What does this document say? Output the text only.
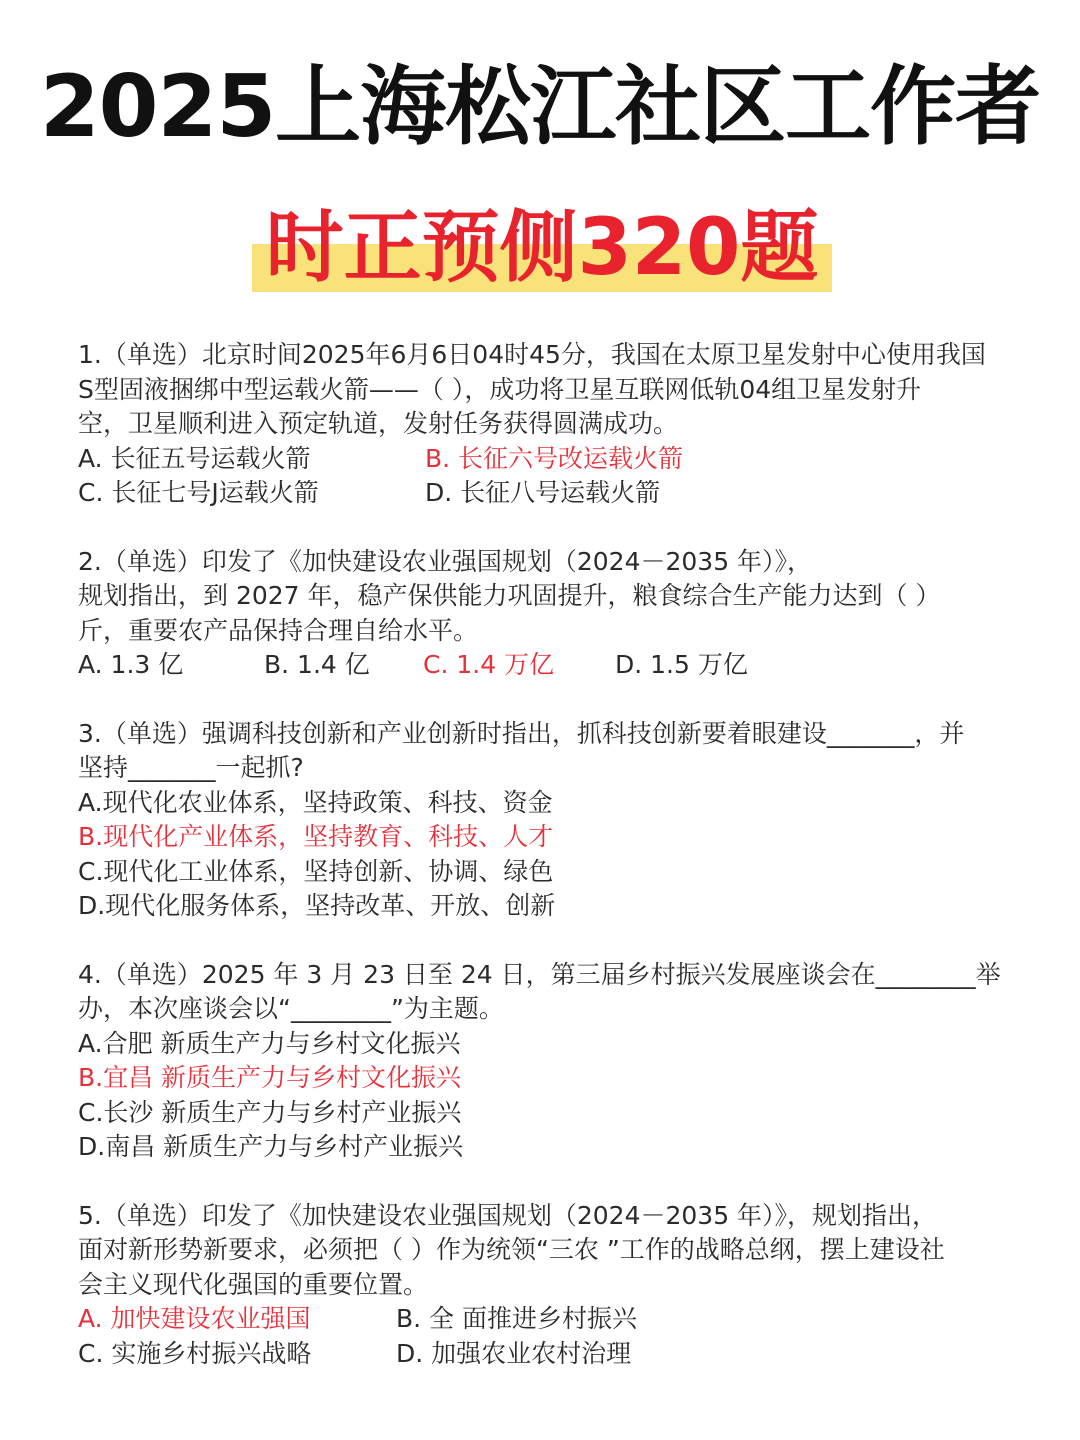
2025上海松江社区工作者
时正预侧320题
1.（单选）北京时间2025年6月6日04时45分，我国在太原卫星发射中心使用我国
S型固液捆绑中型运载火箭——（ ），成功将卫星互联网低轨04组卫星发射升
空，卫星顺利进入预定轨道，发射任务获得圆满成功。
A. 长征五号运载火箭	B. 长征六号改运载火箭
C. 长征七号J运载火箭	D. 长征八号运载火箭
2.（单选）印发了《加快建设农业强国规划（2024－2035 年）》，
规划指出，到 2027 年，稳产保供能力巩固提升，粮食综合生产能力达到（ ）
斤，重要农产品保持合理自给水平。
A. 1.3 亿	B. 1.4 亿	C. 1.4 万亿	D. 1.5 万亿
3.（单选）强调科技创新和产业创新时指出，抓科技创新要着眼建设_______，并
坚持_______一起抓?
A.现代化农业体系，坚持政策、科技、资金
B.现代化产业体系，坚持教育、科技、人才
C.现代化工业体系，坚持创新、协调、绿色
D.现代化服务体系，坚持改革、开放、创新
4.（单选）2025 年 3 月 23 日至 24 日，第三届乡村振兴发展座谈会在________举
办，本次座谈会以“________”为主题。
A.合肥 新质生产力与乡村文化振兴
B.宜昌 新质生产力与乡村文化振兴
C.长沙 新质生产力与乡村产业振兴
D.南昌 新质生产力与乡村产业振兴
5.（单选）印发了《加快建设农业强国规划（2024－2035 年）》，规划指出，
面对新形势新要求，必须把（ ）作为统领“三农 ”工作的战略总纲，摆上建设社
会主义现代化强国的重要位置。
A. 加快建设农业强国	B. 全 面推进乡村振兴
C. 实施乡村振兴战略	D. 加强农业农村治理
